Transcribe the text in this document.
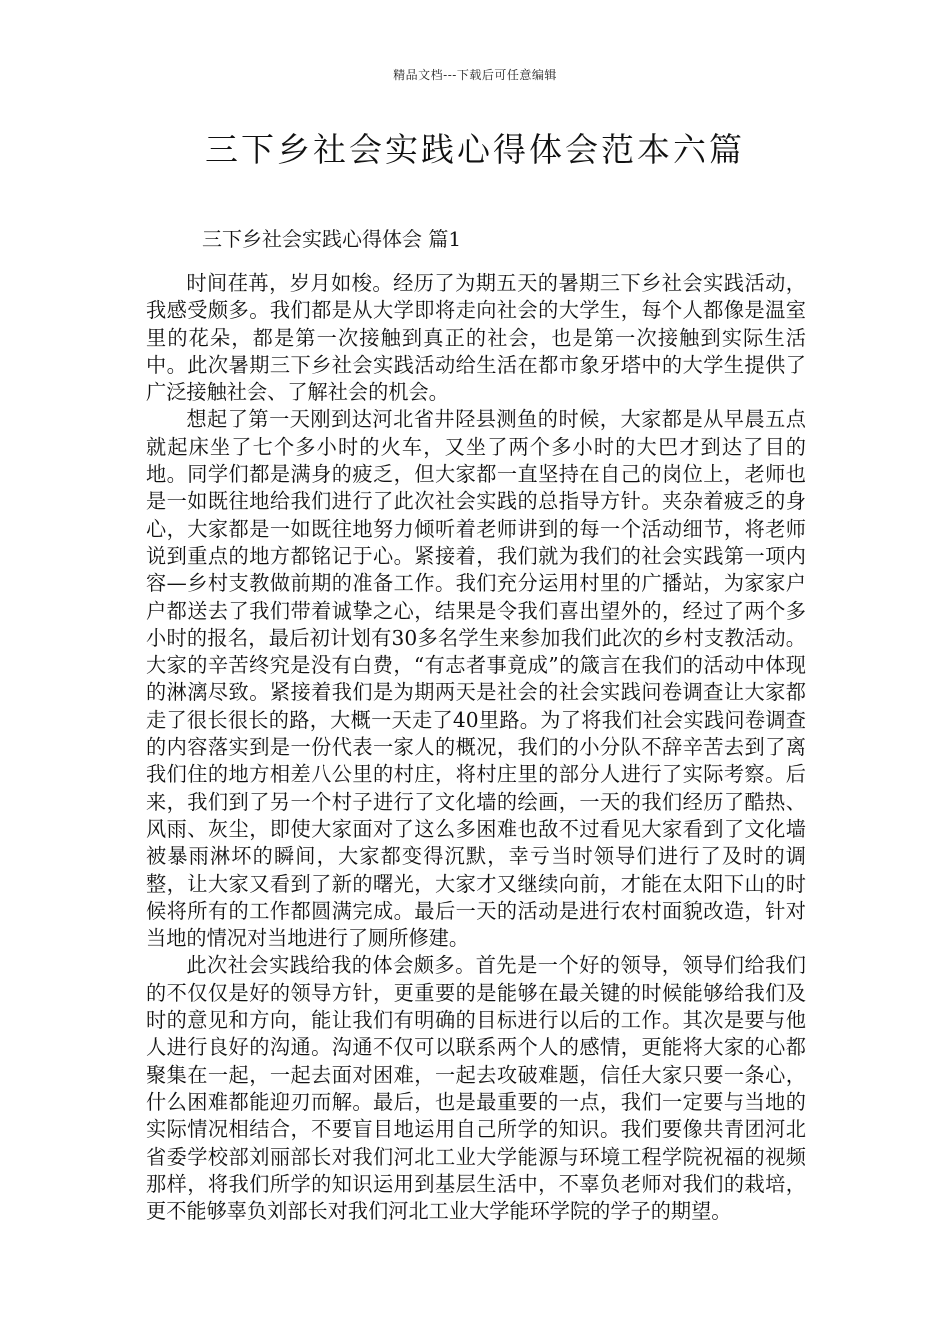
精品文档---下载后可任意编辑
三下乡社会实践心得体会范本六篇
三下乡社会实践心得体会 篇1

时间荏苒，岁月如梭。经历了为期五天的暑期三下乡社会实践活动，我感受颇多。我们都是从大学即将走向社会的大学生，每个人都像是温室里的花朵，都是第一次接触到真正的社会，也是第一次接触到实际生活中。此次暑期三下乡社会实践活动给生活在都市象牙塔中的大学生提供了广泛接触社会、了解社会的机会。

想起了第一天刚到达河北省井陉县测鱼的时候，大家都是从早晨五点就起床坐了七个多小时的火车，又坐了两个多小时的大巴才到达了目的地。同学们都是满身的疲乏，但大家都一直坚持在自己的岗位上，老师也是一如既往地给我们进行了此次社会实践的总指导方针。夹杂着疲乏的身心，大家都是一如既往地努力倾听着老师讲到的每一个活动细节，将老师说到重点的地方都铭记于心。紧接着，我们就为我们的社会实践第一项内容—乡村支教做前期的准备工作。我们充分运用村里的广播站，为家家户户都送去了我们带着诚挚之心，结果是令我们喜出望外的，经过了两个多小时的报名，最后初计划有30多名学生来参加我们此次的乡村支教活动。大家的辛苦终究是没有白费，“有志者事竟成”的箴言在我们的活动中体现的淋漓尽致。紧接着我们是为期两天是社会的社会实践问卷调查让大家都走了很长很长的路，大概一天走了40里路。为了将我们社会实践问卷调查的内容落实到是一份代表一家人的概况，我们的小分队不辞辛苦去到了离我们住的地方相差八公里的村庄，将村庄里的部分人进行了实际考察。后来，我们到了另一个村子进行了文化墙的绘画，一天的我们经历了酷热、风雨、灰尘，即使大家面对了这么多困难也敌不过看见大家看到了文化墙被暴雨淋坏的瞬间，大家都变得沉默，幸亏当时领导们进行了及时的调整，让大家又看到了新的曙光，大家才又继续向前，才能在太阳下山的时候将所有的工作都圆满完成。最后一天的活动是进行农村面貌改造，针对当地的情况对当地进行了厕所修建。

此次社会实践给我的体会颇多。首先是一个好的领导，领导们给我们的不仅仅是好的领导方针，更重要的是能够在最关键的时候能够给我们及时的意见和方向，能让我们有明确的目标进行以后的工作。其次是要与他人进行良好的沟通。沟通不仅可以联系两个人的感情，更能将大家的心都聚集在一起，一起去面对困难，一起去攻破难题，信任大家只要一条心，什么困难都能迎刃而解。最后，也是最重要的一点，我们一定要与当地的实际情况相结合，不要盲目地运用自己所学的知识。我们要像共青团河北省委学校部刘丽部长对我们河北工业大学能源与环境工程学院祝福的视频那样，将我们所学的知识运用到基层生活中，不辜负老师对我们的栽培，更不能够辜负刘部长对我们河北工业大学能环学院的学子的期望。
